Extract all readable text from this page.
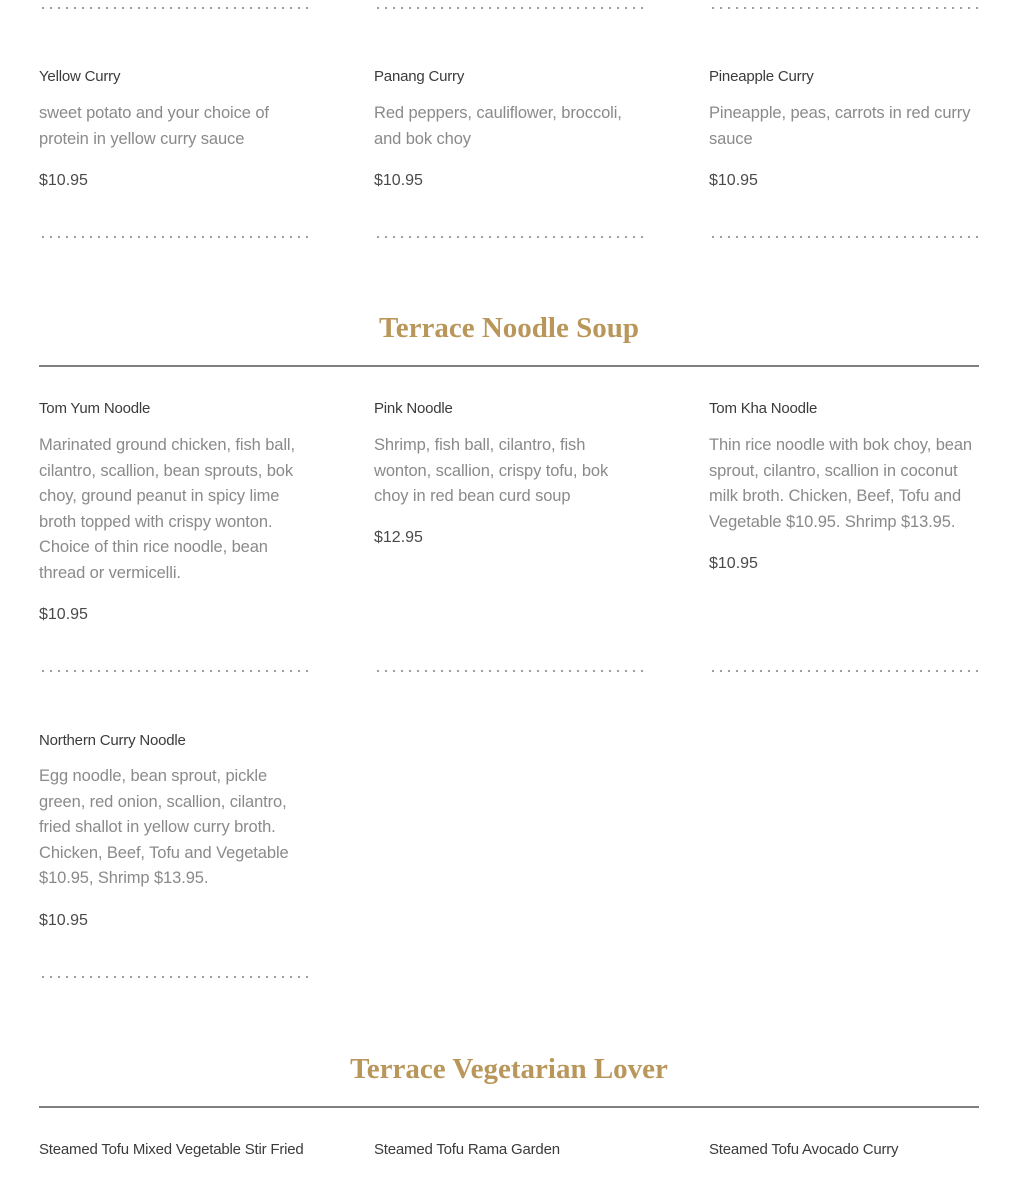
Yellow Curry
sweet potato and your choice of protein in yellow curry sauce
$10.95
Panang Curry
Red peppers, cauliflower, broccoli, and bok choy
$10.95
Pineapple Curry
Pineapple, peas, carrots in red curry sauce
$10.95
Terrace Noodle Soup
Tom Yum Noodle
Marinated ground chicken, fish ball, cilantro, scallion, bean sprouts, bok choy, ground peanut in spicy lime broth topped with crispy wonton. Choice of thin rice noodle, bean thread or vermicelli.
$10.95
Pink Noodle
Shrimp, fish ball, cilantro, fish wonton, scallion, crispy tofu, bok choy in red bean curd soup
$12.95
Tom Kha Noodle
Thin rice noodle with bok choy, bean sprout, cilantro, scallion in coconut milk broth. Chicken, Beef, Tofu and Vegetable $10.95. Shrimp $13.95.
$10.95
Northern Curry Noodle
Egg noodle, bean sprout, pickle green, red onion, scallion, cilantro, fried shallot in yellow curry broth. Chicken, Beef, Tofu and Vegetable $10.95, Shrimp $13.95.
$10.95
Terrace Vegetarian Lover
Steamed Tofu Mixed Vegetable Stir Fried	Steamed Tofu Rama Garden	Steamed Tofu Avocado Curry
